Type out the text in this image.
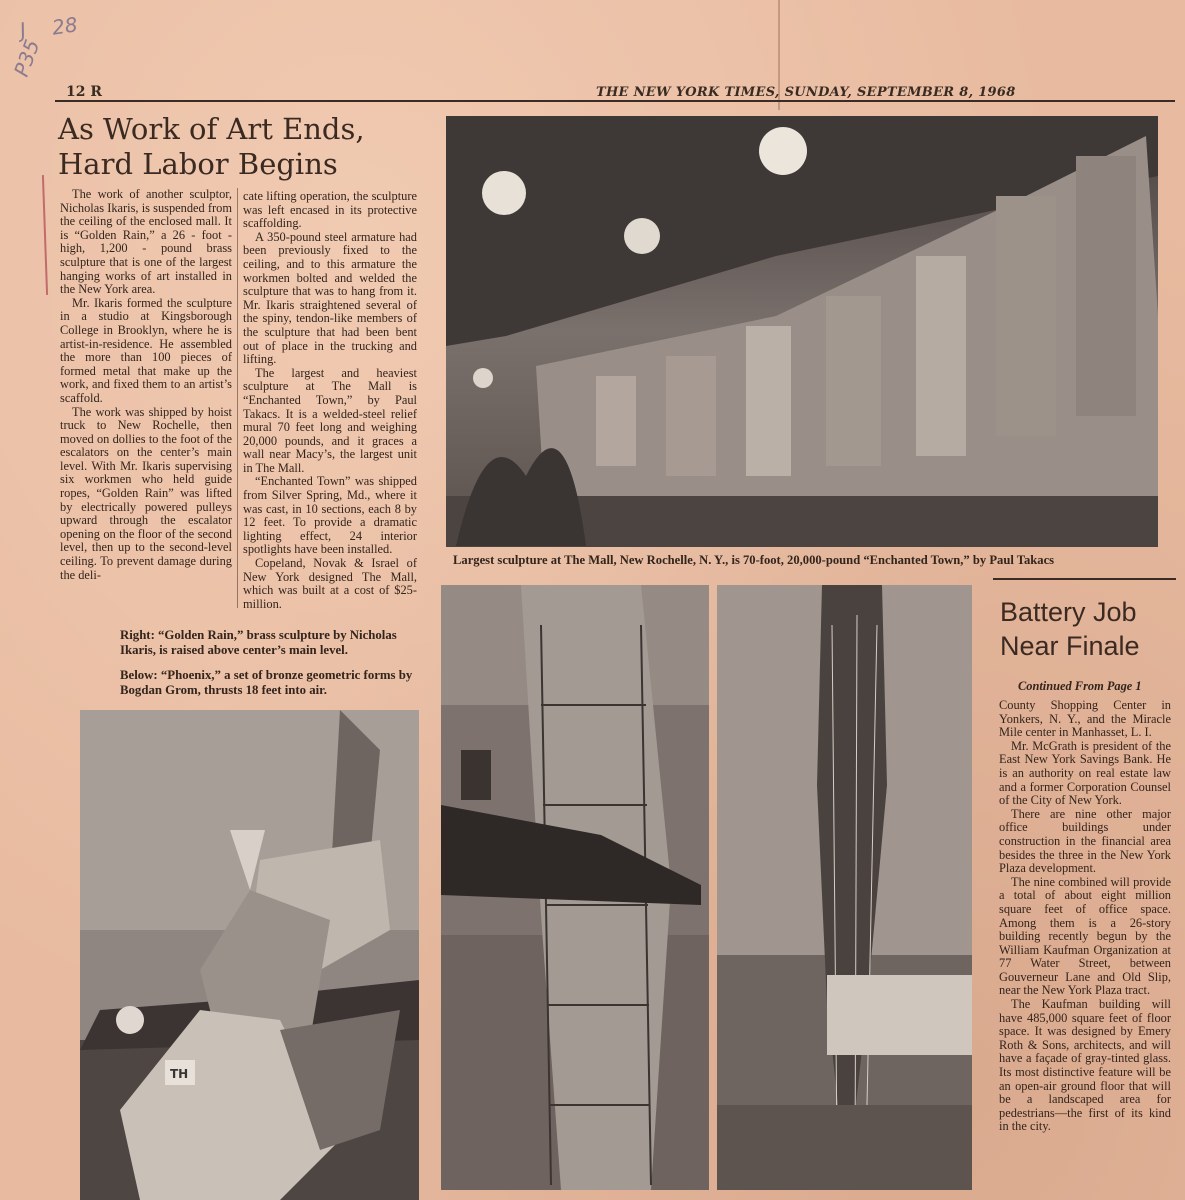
28
J
P35
12 R	THE NEW YORK TIMES, SUNDAY, SEPTEMBER 8, 1968
As Work of Art Ends,
Hard Labor Begins

The work of another sculptor, Nicholas Ikaris, is suspended from the ceiling of the enclosed mall. It is “Golden Rain,” a 26 - foot - high, 1,200 - pound brass sculpture that is one of the largest hanging works of art installed in the New York area.

Mr. Ikaris formed the sculpture in a studio at Kingsborough College in Brooklyn, where he is artist-in-residence. He assembled the more than 100 pieces of formed metal that make up the work, and fixed them to an artist’s scaffold.

The work was shipped by hoist truck to New Rochelle, then moved on dollies to the foot of the escalators on the center’s main level. With Mr. Ikaris supervising six workmen who held guide ropes, “Golden Rain” was lifted by electrically powered pulleys upward through the escalator opening on the floor of the second level, then up to the second-level ceiling. To prevent damage during the deli-

cate lifting operation, the sculpture was left encased in its protective scaffolding.

A 350-pound steel armature had been previously fixed to the ceiling, and to this armature the workmen bolted and welded the sculpture that was to hang from it. Mr. Ikaris straightened several of the spiny, tendon-like members of the sculpture that had been bent out of place in the trucking and lifting.

The largest and heaviest sculpture at The Mall is “Enchanted Town,” by Paul Takacs. It is a welded-steel relief mural 70 feet long and weighing 20,000 pounds, and it graces a wall near Macy’s, the largest unit in The Mall.

“Enchanted Town” was shipped from Silver Spring, Md., where it was cast, in 10 sections, each 8 by 12 feet. To provide a dramatic lighting effect, 24 interior spotlights have been installed.

Copeland, Novak & Israel of New York designed The Mall, which was built at a cost of $25-million.

Right: “Golden Rain,” brass sculpture by Nicholas Ikaris, is raised above center’s main level.

Below: “Phoenix,” a set of bronze geometric forms by Bogdan Grom, thrusts 18 feet into air.

Largest sculpture at The Mall, New Rochelle, N. Y., is 70-foot, 20,000-pound “Enchanted Town,” by Paul Takacs
TH
Battery Job
Near Finale
Continued From Page 1

County Shopping Center in Yonkers, N. Y., and the Miracle Mile center in Manhasset, L. I.

Mr. McGrath is president of the East New York Savings Bank. He is an authority on real estate law and a former Corporation Counsel of the City of New York.

There are nine other major office buildings under construction in the financial area besides the three in the New York Plaza development.

The nine combined will provide a total of about eight million square feet of office space. Among them is a 26-story building recently begun by the William Kaufman Organization at 77 Water Street, between Gouverneur Lane and Old Slip, near the New York Plaza tract.

The Kaufman building will have 485,000 square feet of floor space. It was designed by Emery Roth & Sons, architects, and will have a façade of gray-tinted glass. Its most distinctive feature will be an open-air ground floor that will be a landscaped area for pedestrians—the first of its kind in the city.
